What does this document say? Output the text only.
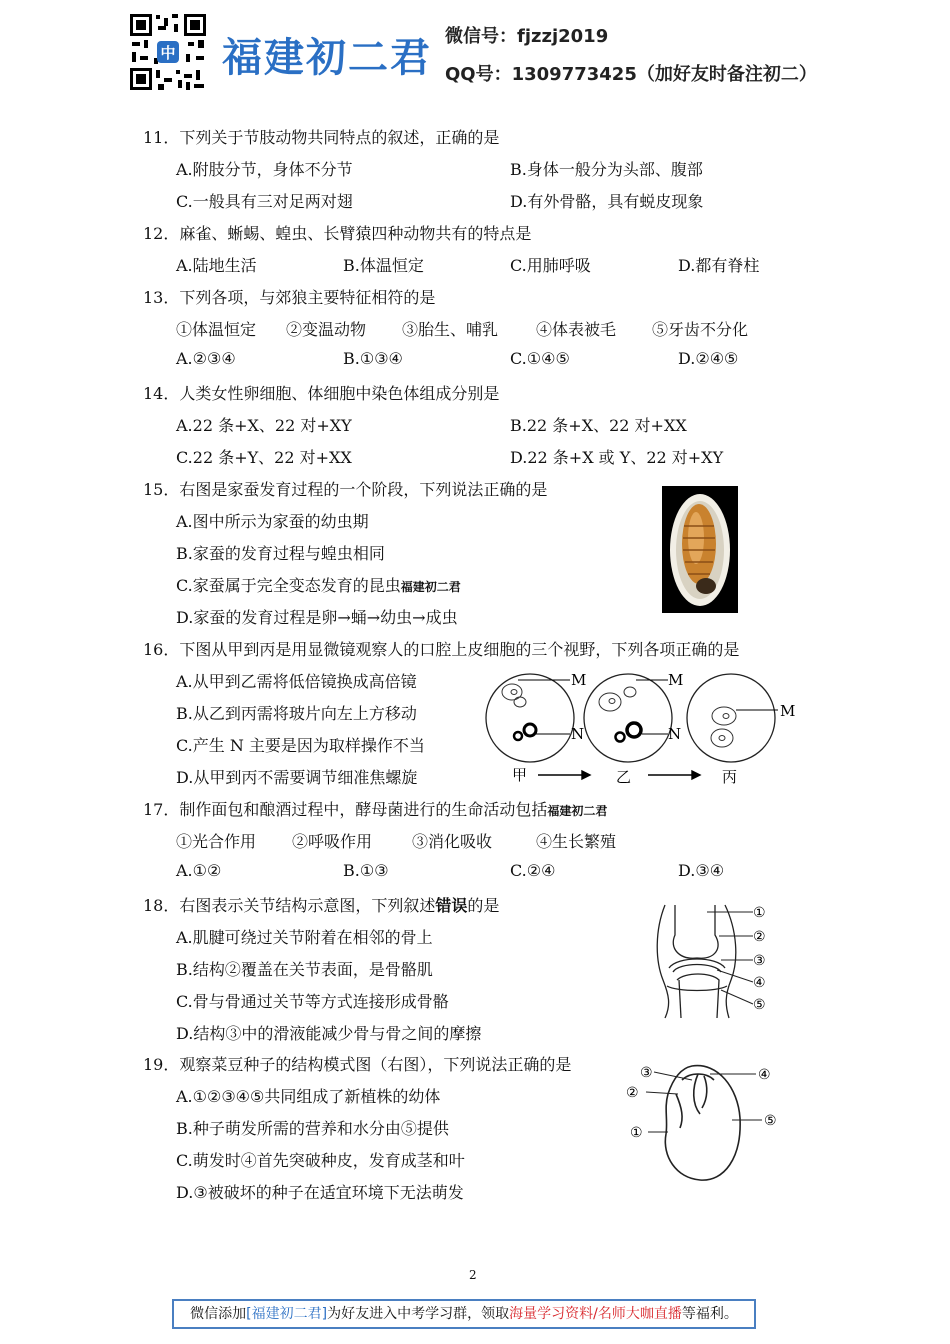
中 福建初二君 微信号：fjzzj2019
QQ号：1309773425（加好友时备注初二）
11．下列关于节肢动物共同特点的叙述，正确的是
A.附肢分节，身体不分节	B.身体一般分为头部、腹部
C.一般具有三对足两对翅	D.有外骨骼，具有蜕皮现象
12．麻雀、蜥蜴、蝗虫、长臂猿四种动物共有的特点是
A.陆地生活	B.体温恒定	C.用肺呼吸	D.都有脊柱
13．下列各项，与郊狼主要特征相符的是
①体温恒定 ②变温动物 ③胎生、哺乳 ④体表被毛 ⑤牙齿不分化
A.②③④	B.①③④	C.①④⑤	D.②④⑤
14．人类女性卵细胞、体细胞中染色体组成分别是
A.22 条+X、22 对+XY	B.22 条+X、22 对+XX
C.22 条+Y、22 对+XX	D.22 条+X 或 Y、22 对+XY
15．右图是家蚕发育过程的一个阶段，下列说法正确的是
A.图中所示为家蚕的幼虫期
B.家蚕的发育过程与蝗虫相同
C.家蚕属于完全变态发育的昆虫福建初二君
D.家蚕的发育过程是卵→蛹→幼虫→成虫
16．下图从甲到丙是用显微镜观察人的口腔上皮细胞的三个视野，下列各项正确的是
A.从甲到乙需将低倍镜换成高倍镜
B.从乙到丙需将玻片向左上方移动
C.产生 N 主要是因为取样操作不当
D.从甲到丙不需要调节细准焦螺旋
M
N
M
N
M
甲	乙	丙
17．制作面包和酿酒过程中，酵母菌进行的生命活动包括福建初二君
①光合作用 ②呼吸作用 ③消化吸收	④生长繁殖
A.①②	B.①③	C.②④	D.③④
18．右图表示关节结构示意图，下列叙述错误的是
A.肌腱可绕过关节附着在相邻的骨上
B.结构②覆盖在关节表面，是骨骼肌
C.骨与骨通过关节等方式连接形成骨骼
D.结构③中的滑液能减少骨与骨之间的摩擦
①
②
③
④
⑤
19．观察菜豆种子的结构模式图（右图），下列说法正确的是
A.①②③④⑤共同组成了新植株的幼体
B.种子萌发所需的营养和水分由⑤提供
C.萌发时④首先突破种皮，发育成茎和叶
D.③被破坏的种子在适宜环境下无法萌发
③
②
①
④
⑤
2
微信添加[福建初二君]为好友进入中考学习群，领取海量学习资料/名师大咖直播等福利。
